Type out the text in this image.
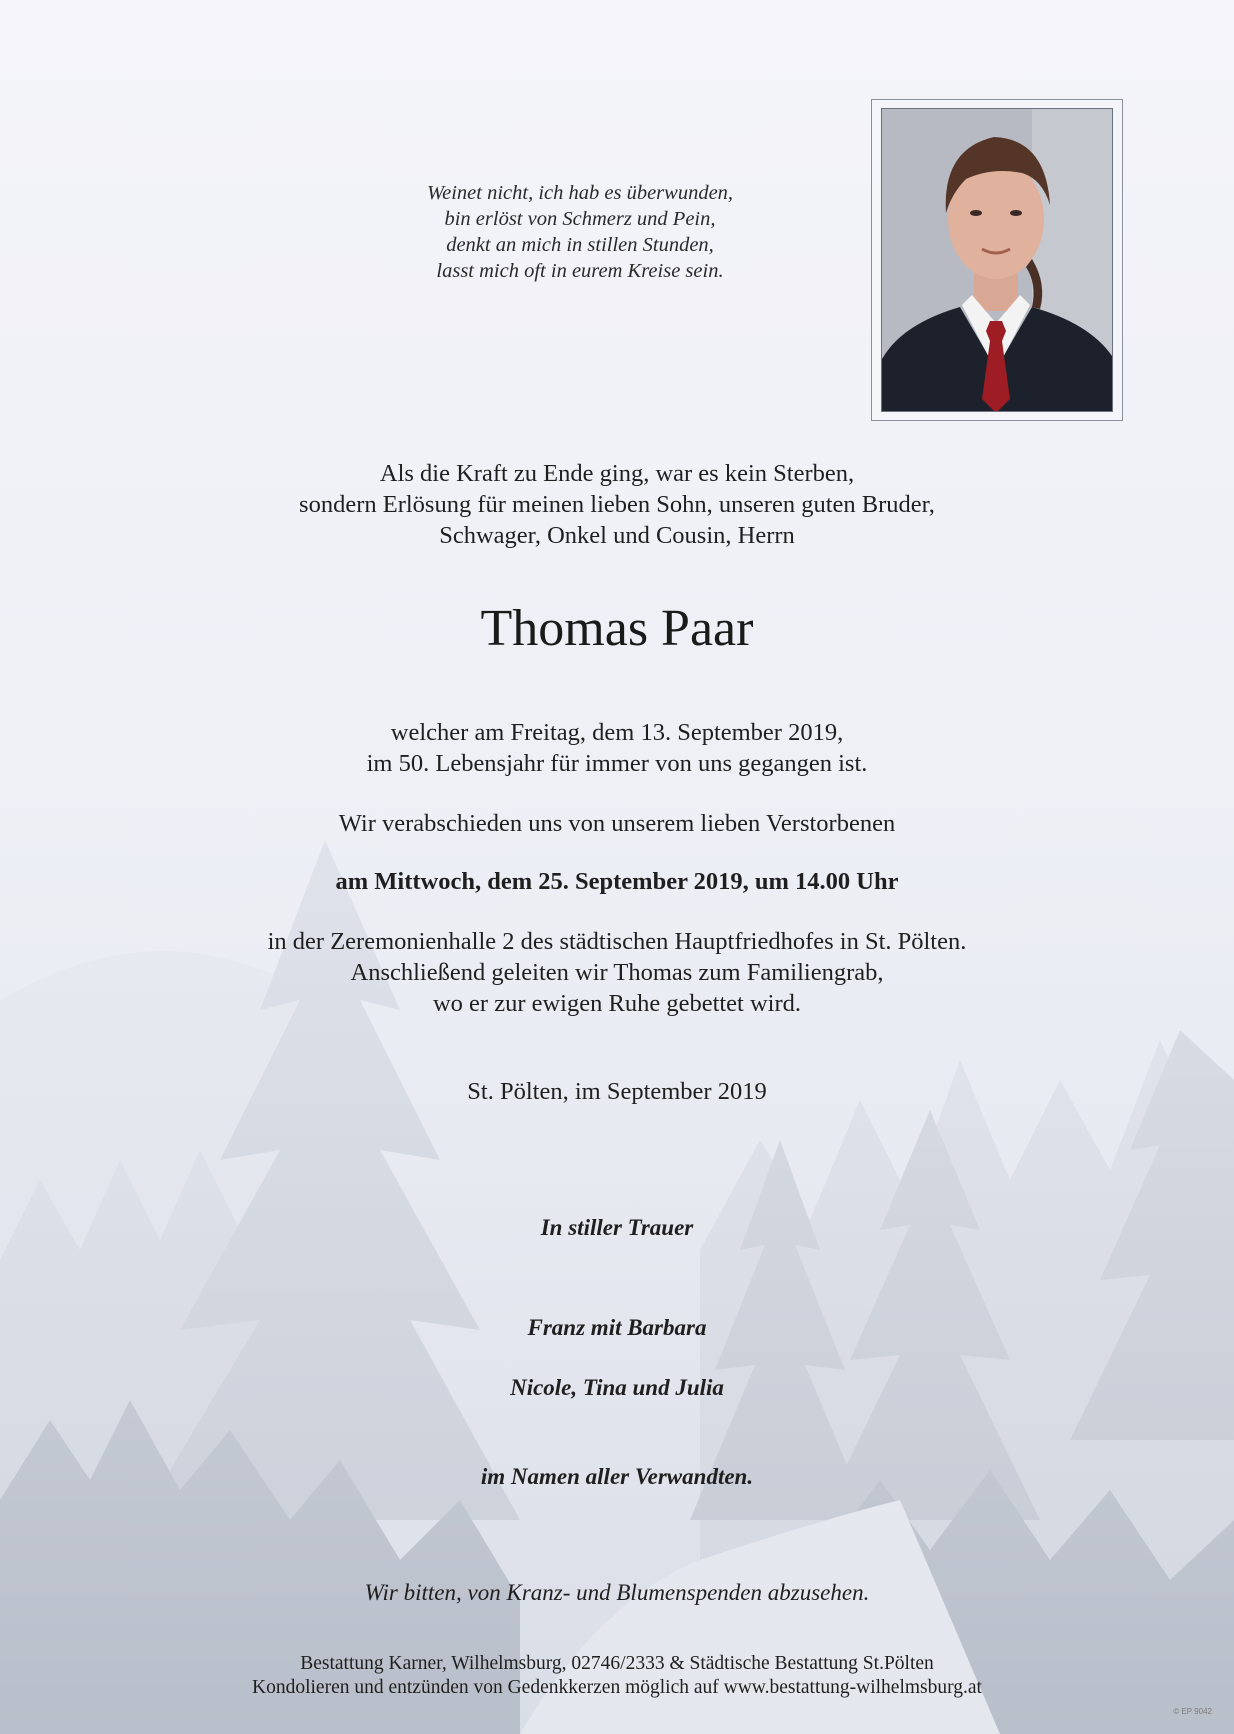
Weinet nicht, ich hab es überwunden,
bin erlöst von Schmerz und Pein,
denkt an mich in stillen Stunden,
lasst mich oft in eurem Kreise sein.
Als die Kraft zu Ende ging, war es kein Sterben,
sondern Erlösung für meinen lieben Sohn, unseren guten Bruder,
Schwager, Onkel und Cousin, Herrn
Thomas Paar
welcher am Freitag, dem 13. September 2019,
im 50. Lebensjahr für immer von uns gegangen ist.
Wir verabschieden uns von unserem lieben Verstorbenen
am Mittwoch, dem 25. September 2019, um 14.00 Uhr
in der Zeremonienhalle 2 des städtischen Hauptfriedhofes in St. Pölten.
Anschließend geleiten wir Thomas zum Familiengrab,
wo er zur ewigen Ruhe gebettet wird.
St. Pölten, im September 2019
In stiller Trauer
Franz mit Barbara
Nicole, Tina und Julia
im Namen aller Verwandten.
Wir bitten, von Kranz- und Blumenspenden abzusehen.
Bestattung Karner, Wilhelmsburg, 02746/2333 & Städtische Bestattung St.Pölten
Kondolieren und entzünden von Gedenkkerzen möglich auf www.bestattung-wilhelmsburg.at
© EP 9042
